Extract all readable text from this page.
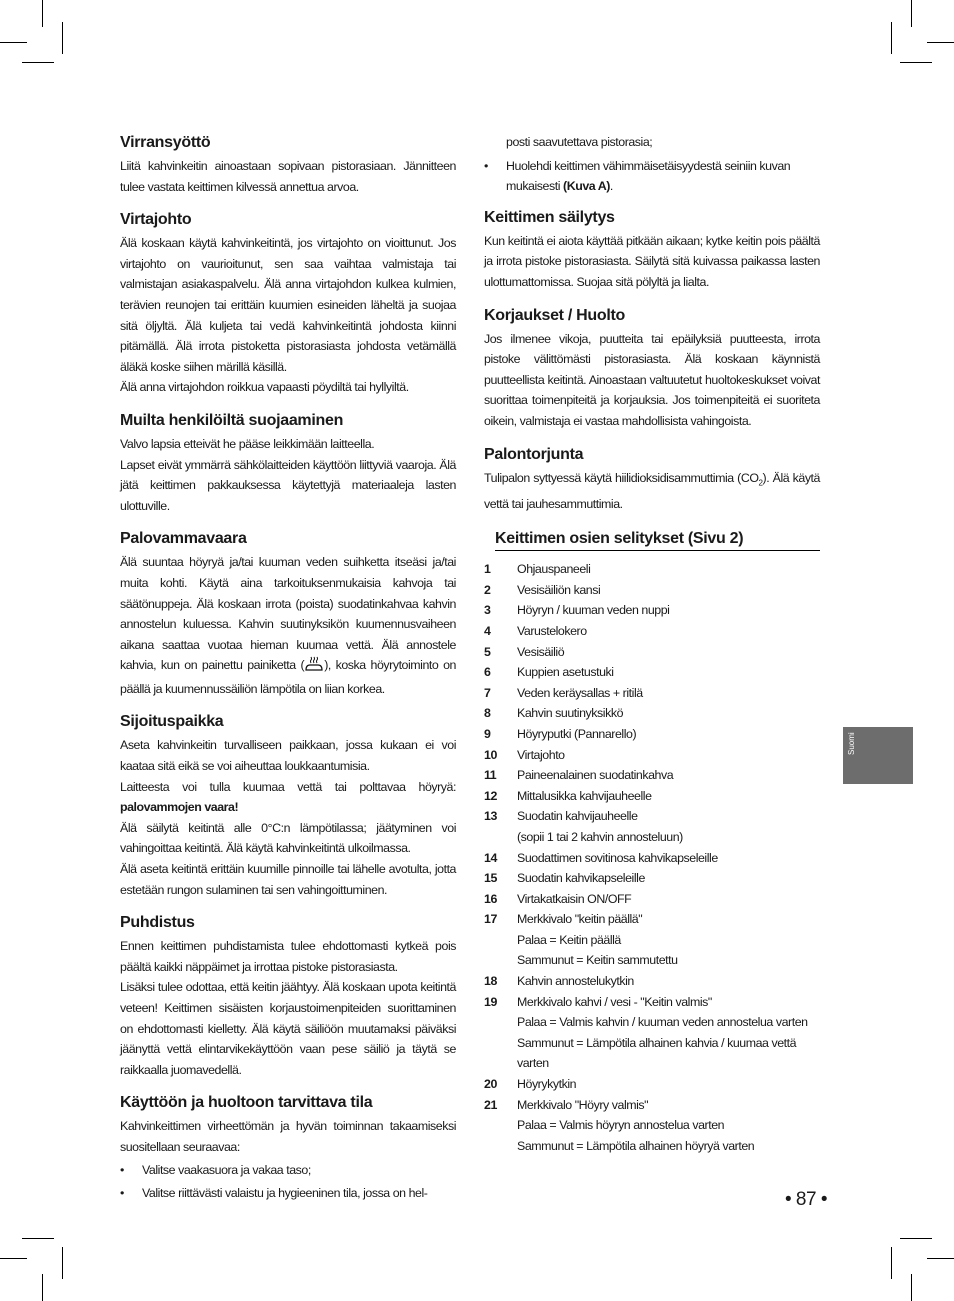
Virransyöttö

Liitä kahvinkeitin ainoastaan sopivaan pistorasiaan. Jännitteen tulee vastata keittimen kilvessä annettua arvoa.

Virtajohto

Älä koskaan käytä kahvinkeitintä, jos virtajohto on vioittunut. Jos virtajohto on vaurioitunut, sen saa vaihtaa valmistaja tai valmistajan asiakaspalvelu. Älä anna virtajohdon kulkea kulmien, terävien reunojen tai erittäin kuumien esineiden läheltä ja suojaa sitä öljyltä. Älä kuljeta tai vedä kahvinkeitintä johdosta kiinni pitämällä. Älä irrota pistoketta pistorasiasta johdosta vetämällä äläkä koske siihen märillä käsillä.

Älä anna virtajohdon roikkua vapaasti pöydiltä tai hyllyiltä.

Muilta henkilöiltä suojaaminen

Valvo lapsia etteivät he pääse leikkimään laitteella.

Lapset eivät ymmärrä sähkölaitteiden käyttöön liittyviä vaaroja. Älä jätä keittimen pakkauksessa käytettyjä materiaaleja lasten ulottuville.

Palovammavaara

Älä suuntaa höyryä ja/tai kuuman veden suihketta itseäsi ja/tai muita kohti. Käytä aina tarkoituksenmukaisia kahvoja tai säätönuppeja. Älä koskaan irrota (poista) suodatinkahvaa kahvin annostelun kuluessa. Kahvin suutinyksikön kuumennusvaiheen aikana saattaa vuotaa hieman kuumaa vettä. Älä annostele kahvia, kun on painettu painiketta ( ), koska höyrytoiminto on päällä ja kuumennussäiliön lämpötila on liian korkea.

Sijoituspaikka

Aseta kahvinkeitin turvalliseen paikkaan, jossa kukaan ei voi kaataa sitä eikä se voi aiheuttaa loukkaantumisia.

Laitteesta voi tulla kuumaa vettä tai polttavaa höyryä: palovammojen vaara!

Älä säilytä keitintä alle 0°C:n lämpötilassa; jäätyminen voi vahingoittaa keitintä. Älä käytä kahvinkeitintä ulkoilmassa.

Älä aseta keitintä erittäin kuumille pinnoille tai lähelle avotulta, jotta estetään rungon sulaminen tai sen vahingoittuminen.

Puhdistus

Ennen keittimen puhdistamista tulee ehdottomasti kytkeä pois päältä kaikki näppäimet ja irrottaa pistoke pistorasiasta.

Lisäksi tulee odottaa, että keitin jäähtyy. Älä koskaan upota keitintä veteen! Keittimen sisäisten korjaustoimenpiteiden suorittaminen on ehdottomasti kielletty. Älä käytä säiliöön muutamaksi päiväksi jäänyttä vettä elintarvikekäyttöön vaan pese säiliö ja täytä se raikkaalla juomavedellä.

Käyttöön ja huoltoon tarvittava tila

Kahvinkeittimen virheettömän ja hyvän toiminnan takaamiseksi suositellaan seuraavaa:

• Valitse vaakasuora ja vakaa taso;
• Valitse riittävästi valaistu ja hygieeninen tila, jossa on hel-
posti saavutettava pistorasia;
• Huolehdi keittimen vähimmäisetäisyydestä seiniin kuvan mukaisesti (Kuva A).
Keittimen säilytys

Kun keitintä ei aiota käyttää pitkään aikaan; kytke keitin pois päältä ja irrota pistoke pistorasiasta. Säilytä sitä kuivassa paikassa lasten ulottumattomissa. Suojaa sitä pölyltä ja lialta.

Korjaukset / Huolto

Jos ilmenee vikoja, puutteita tai epäilyksiä puutteesta, irrota pistoke välittömästi pistorasiasta. Älä koskaan käynnistä puutteellista keitintä. Ainoastaan valtuutetut huoltokeskukset voivat suorittaa toimenpiteitä ja korjauksia. Jos toimenpiteitä ei suoriteta oikein, valmistaja ei vastaa mahdollisista vahingoista.

Palontorjunta

Tulipalon syttyessä käytä hiilidioksidisammuttimia $(CO_2)$. Älä käytä vettä tai jauhesammuttimia.

Keittimen osien selitykset (Sivu 2)
1	Ohjauspaneeli
2	Vesisäiliön kansi
3	Höyryn / kuuman veden nuppi
4	Varustelokero
5	Vesisäiliö
6	Kuppien asetustuki
7	Veden keräysallas + ritilä
8	Kahvin suutinyksikkö
9	Höyryputki (Pannarello)
10	Virtajohto
11	Paineenalainen suodatinkahva
12	Mittalusikka kahvijauheelle
13	Suodatin kahvijauheelle
(sopii 1 tai 2 kahvin annosteluun)
14	Suodattimen sovitinosa kahvikapseleille
15	Suodatin kahvikapseleille
16	Virtakatkaisin ON/OFF
17	Merkkivalo "keitin päällä"
Palaa = Keitin päällä
Sammunut = Keitin sammutettu
18	Kahvin annostelukytkin
19	Merkkivalo kahvi / vesi - "Keitin valmis"
Palaa = Valmis kahvin / kuuman veden annostelua varten
Sammunut = Lämpötila alhainen kahvia / kuumaa vettä varten
20	Höyrykytkin
21	Merkkivalo "Höyry valmis"
Palaa = Valmis höyryn annostelua varten
Sammunut = Lämpötila alhainen höyryä varten
Suomi
• 87 •
